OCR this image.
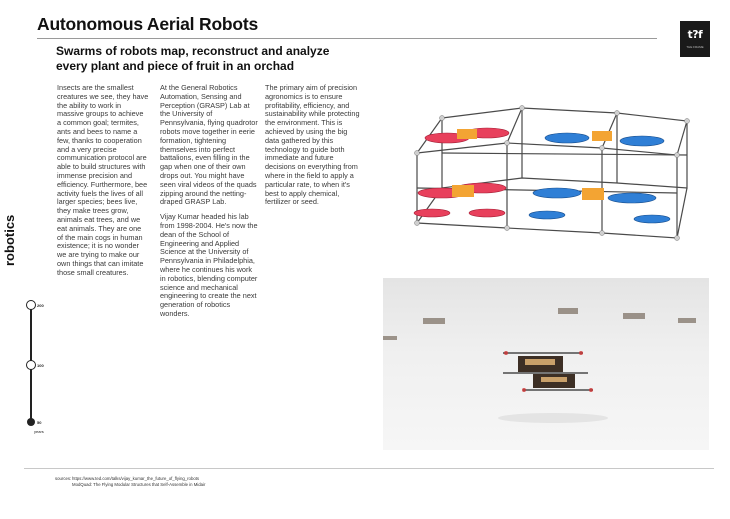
Autonomous Aerial Robots
Swarms of robots map, reconstruct and analyze every plant and piece of fruit in an orchad
t?f
THE FRAME

Insects are the smallest creatures we see, they have the ability to work in massive groups to achieve a common goal; termites, ants and bees to name a few, thanks to cooperation and a very precise communication protocol are able to build structures with immense precision and efficiency. Furthermore, bee activity fuels the lives of all larger species; bees live, they make trees grow, animals eat trees, and we eat animals. They are one of the main cogs in human existence; it is no wonder we are trying to make our own things that can imitate those small creatures.

At the General Robotics Automation, Sensing and Perception (GRASP) Lab at the University of Pennsylvania, flying quadrotor robots move together in eerie formation, tightening themselves into perfect battalions, even filling in the gap when one of their own drops out. You might have seen viral videos of the quads zipping around the netting-draped GRASP Lab.

Vijay Kumar headed his lab from 1998-2004. He's now the dean of the School of Engineering and Applied Science at the University of Pennsylvania in Philadelphia, where he continues his work in robotics, blending computer science and mechanical engineering to create the next generation of robotics wonders.

The primary aim of precision agronomics is to ensure profitability, efficiency, and sustainability while protecting the environment. This is achieved by using the big data gathered by this technology to guide both immediate and future decisions on everything from where in the field to apply a particular rate, to when it's best to apply chemical, fertilizer or seed.

robotics
200
100
50
years
sources:https://www.ted.com/talks/vijay_kumar_the_future_of_flying_robots
ModQuad: The Flying Modular Structures that Self-Assemble in Midair
